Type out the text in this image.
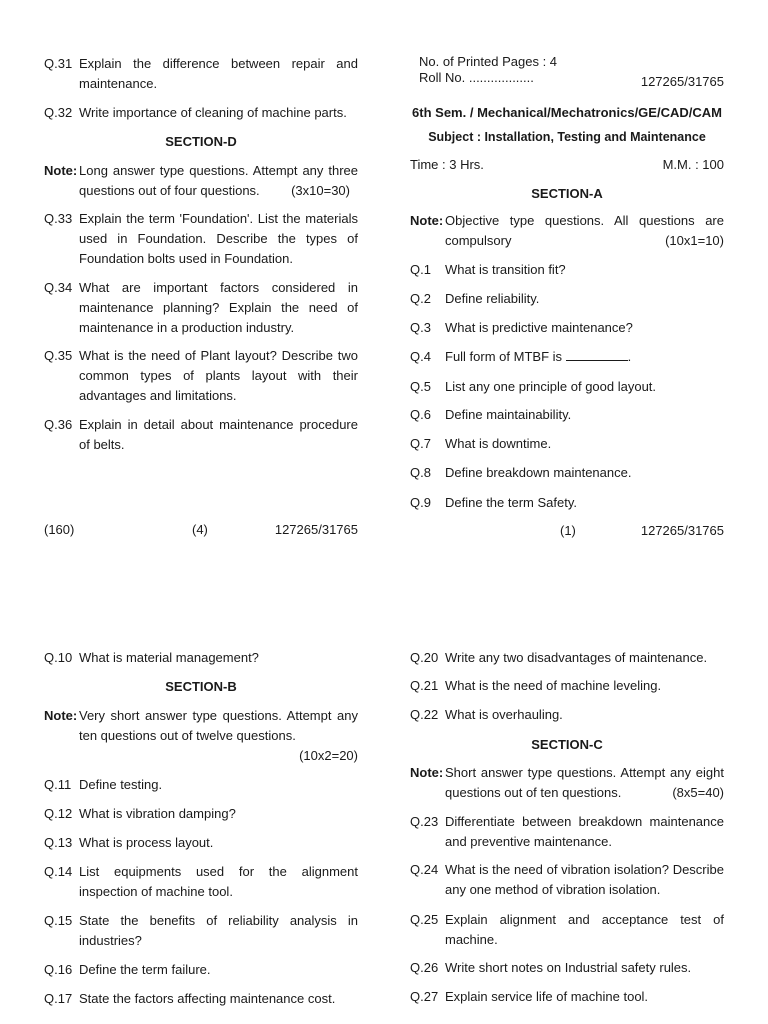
Q.31 Explain the difference between repair and maintenance.
Q.32 Write importance of cleaning of machine parts.
SECTION-D
Note: Long answer type questions. Attempt any three questions out of four questions. (3x10=30)
Q.33 Explain the term 'Foundation'. List the materials used in Foundation. Describe the types of Foundation bolts used in Foundation.
Q.34 What are important factors considered in maintenance planning? Explain the need of maintenance in a production industry.
Q.35 What is the need of Plant layout? Describe two common types of plants layout with their advantages and limitations.
Q.36 Explain in detail about maintenance procedure of belts.
(160)	(4)	127265/31765
No. of Printed Pages : 4
Roll No. ..................	127265/31765
6th Sem. / Mechanical/Mechatronics/GE/CAD/CAM
Subject : Installation, Testing and Maintenance
Time : 3 Hrs.	M.M. : 100
SECTION-A
Note: Objective type questions. All questions are compulsory	(10x1=10)
Q.1 What is transition fit?
Q.2 Define reliability.
Q.3 What is predictive maintenance?
Q.4 Full form of MTBF is	.
Q.5 List any one principle of good layout.
Q.6 Define maintainability.
Q.7 What is downtime.
Q.8 Define breakdown maintenance.
Q.9 Define the term Safety.
(1)	127265/31765
Q.10 What is material management?
SECTION-B
Note: Very short answer type questions. Attempt any ten questions out of twelve questions.
(10x2=20)
Q.11 Define testing.
Q.12 What is vibration damping?
Q.13 What is process layout.
Q.14 List equipments used for the alignment inspection of machine tool.
Q.15 State the benefits of reliability analysis in industries?
Q.16 Define the term failure.
Q.17 State the factors affecting maintenance cost.
Q.20 Write any two disadvantages of maintenance.
Q.21 What is the need of machine leveling.
Q.22 What is overhauling.
SECTION-C
Note: Short answer type questions. Attempt any eight questions out of ten questions.	(8x5=40)
Q.23 Differentiate between breakdown maintenance and preventive maintenance.
Q.24 What is the need of vibration isolation? Describe any one method of vibration isolation.
Q.25 Explain alignment and acceptance test of machine.
Q.26 Write short notes on Industrial safety rules.
Q.27 Explain service life of machine tool.
